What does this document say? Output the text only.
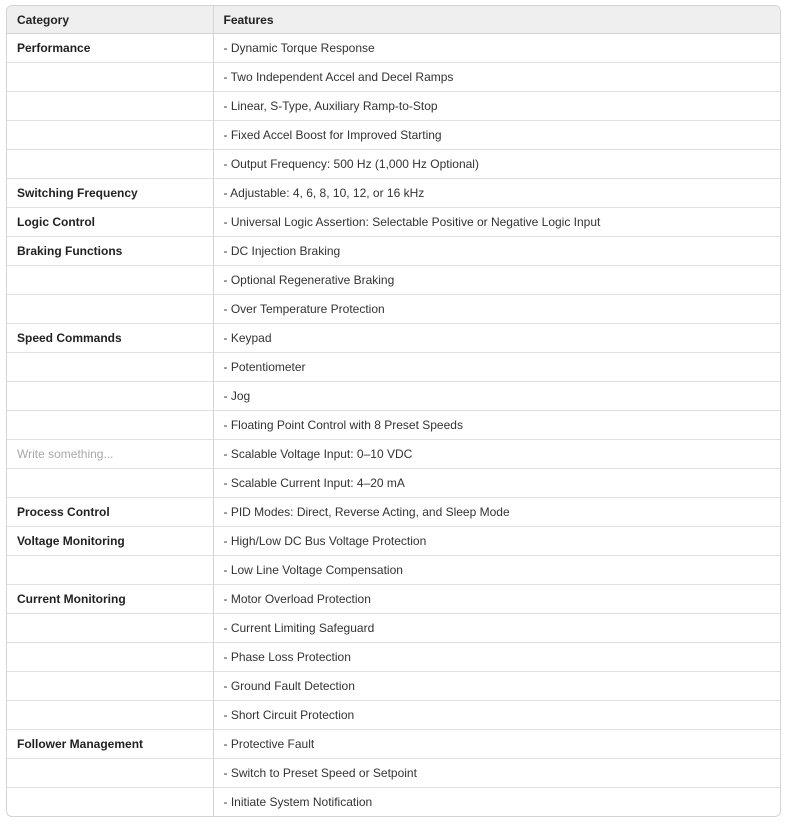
Category	Features
Performance	- Dynamic Torque Response
	- Two Independent Accel and Decel Ramps
	- Linear, S-Type, Auxiliary Ramp-to-Stop
	- Fixed Accel Boost for Improved Starting
	- Output Frequency: 500 Hz (1,000 Hz Optional)
Switching Frequency	- Adjustable: 4, 6, 8, 10, 12, or 16 kHz
Logic Control	- Universal Logic Assertion: Selectable Positive or Negative Logic Input
Braking Functions	- DC Injection Braking
	- Optional Regenerative Braking
	- Over Temperature Protection
Speed Commands	- Keypad
	- Potentiometer
	- Jog
	- Floating Point Control with 8 Preset Speeds
Write something...	- Scalable Voltage Input: 0–10 VDC
	- Scalable Current Input: 4–20 mA
Process Control	- PID Modes: Direct, Reverse Acting, and Sleep Mode
Voltage Monitoring	- High/Low DC Bus Voltage Protection
	- Low Line Voltage Compensation
Current Monitoring	- Motor Overload Protection
	- Current Limiting Safeguard
	- Phase Loss Protection
	- Ground Fault Detection
	- Short Circuit Protection
Follower Management	- Protective Fault
	- Switch to Preset Speed or Setpoint
	- Initiate System Notification
